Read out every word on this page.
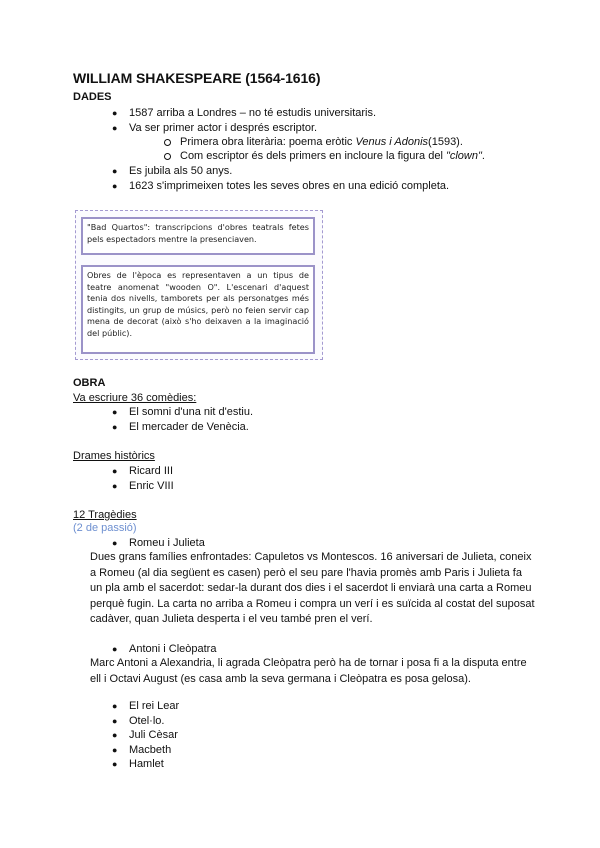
WILLIAM SHAKESPEARE (1564-1616)
DADES
● 1587 arriba a Londres – no té estudis universitaris.
● Va ser primer actor i després escriptor.
Primera obra literària: poema eròtic Venus i Adonis(1593).
Com escriptor és dels primers en incloure la figura del "clown".
● Es jubila als 50 anys.
● 1623 s'imprimeixen totes les seves obres en una edició completa.
"Bad Quartos": transcripcions d'obres teatrals fetes pels espectadors mentre la presenciaven.
Obres de l'època es representaven a un tipus de teatre anomenat "wooden O". L'escenari d'aquest tenia dos nivells, tamborets per als personatges més distingits, un grup de músics, però no feien servir cap mena de decorat (això s'ho deixaven a la imaginació del públic).
OBRA
Va escriure 36 comèdies:
● El somni d'una nit d'estiu.
● El mercader de Venècia.
Drames històrics
● Ricard III
● Enric VIII
12 Tragèdies
(2 de passió)
● Romeu i Julieta
Dues grans famílies enfrontades: Capuletos vs Montescos. 16 aniversari de Julieta, coneix a Romeu (al dia següent es casen) però el seu pare l'havia promès amb Paris i Julieta fa un pla amb el sacerdot: sedar-la durant dos dies i el sacerdot li enviarà una carta a Romeu perquè fugin. La carta no arriba a Romeu i compra un verí i es suïcida al costat del suposat cadàver, quan Julieta desperta i el veu també pren el verí.
● Antoni i Cleòpatra
Marc Antoni a Alexandria, li agrada Cleòpatra però ha de tornar i posa fi a la disputa entre ell i Octavi August (es casa amb la seva germana i Cleòpatra es posa gelosa).
● El rei Lear
● Otel·lo.
● Juli Cèsar
● Macbeth
● Hamlet
